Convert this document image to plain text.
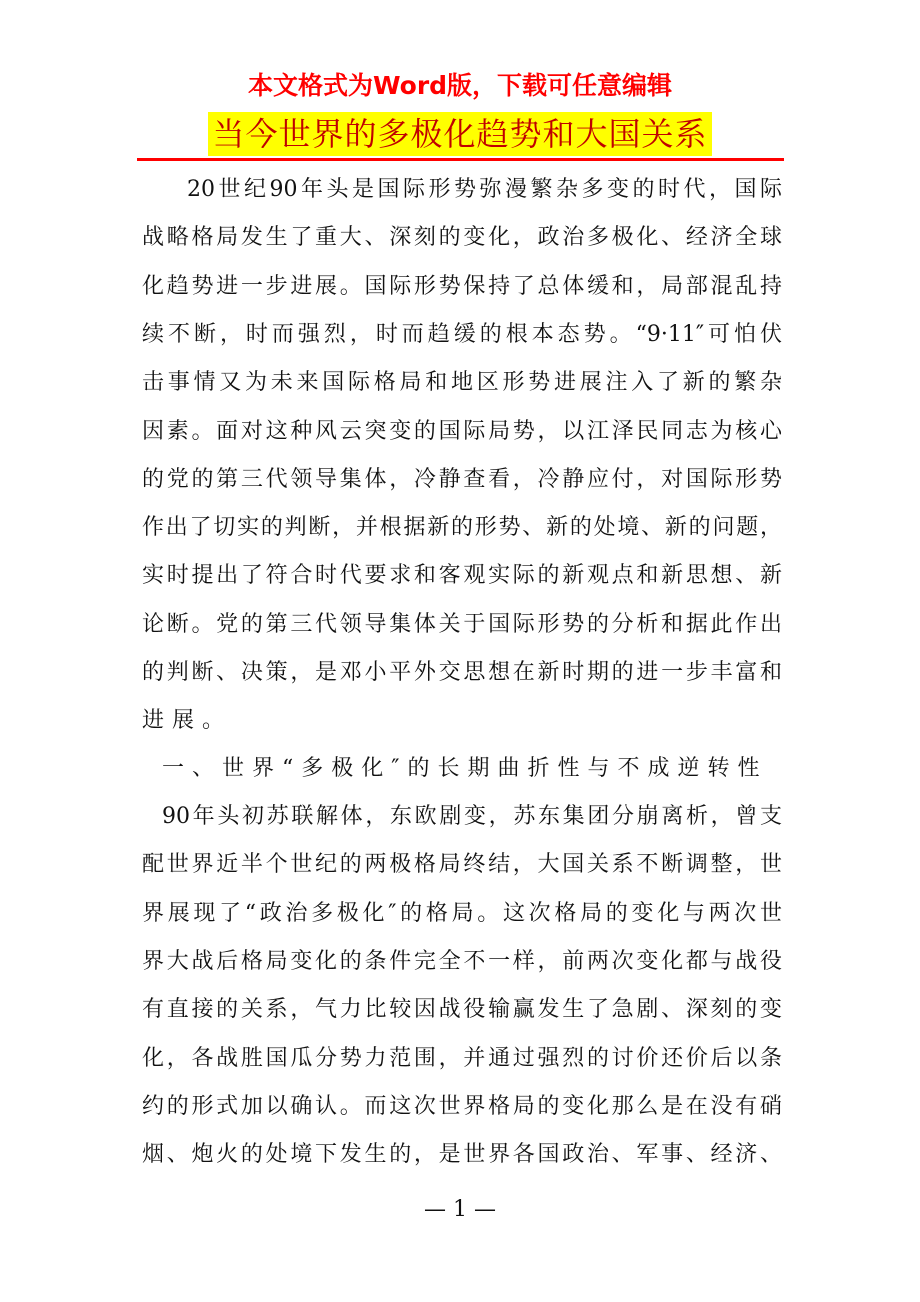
本文格式为Word版，下载可任意编辑
当今世界的多极化趋势和大国关系
20世纪90年头是国际形势弥漫繁杂多变的时代，国际
战略格局发生了重大、深刻的变化，政治多极化、经济全球
化趋势进一步进展。国际形势保持了总体缓和，局部混乱持
续不断，时而强烈，时而趋缓的根本态势。“9·11″可怕伏
击事情又为未来国际格局和地区形势进展注入了新的繁杂
因素。面对这种风云突变的国际局势，以江泽民同志为核心
的党的第三代领导集体，冷静查看，冷静应付，对国际形势
作出了切实的判断，并根据新的形势、新的处境、新的问题，
实时提出了符合时代要求和客观实际的新观点和新思想、新
论断。党的第三代领导集体关于国际形势的分析和据此作出
的判断、决策，是邓小平外交思想在新时期的进一步丰富和
进展。
一、世界“多极化″的长期曲折性与不成逆转性
90年头初苏联解体，东欧剧变，苏东集团分崩离析，曾支
配世界近半个世纪的两极格局终结，大国关系不断调整，世
界展现了“政治多极化″的格局。这次格局的变化与两次世
界大战后格局变化的条件完全不一样，前两次变化都与战役
有直接的关系，气力比较因战役输赢发生了急剧、深刻的变
化，各战胜国瓜分势力范围，并通过强烈的讨价还价后以条
约的形式加以确认。而这次世界格局的变化那么是在没有硝
烟、炮火的处境下发生的，是世界各国政治、军事、经济、
— 1 —
